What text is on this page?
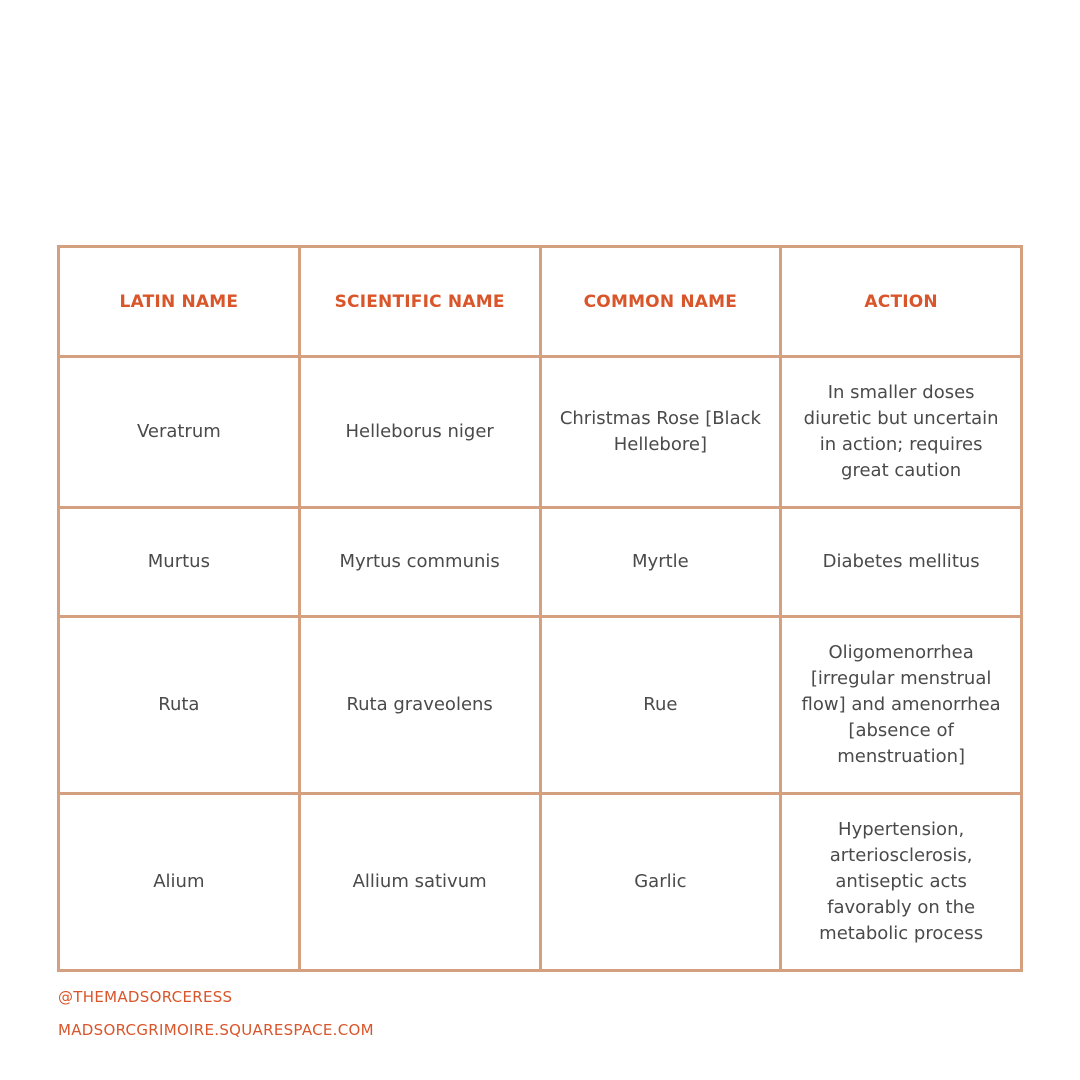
LATIN NAME	SCIENTIFIC NAME	COMMON NAME	ACTION
Veratrum	Helleborus niger	Christmas Rose [Black Hellebore]	In smaller doses diuretic but uncertain in action; requires great caution
Murtus	Myrtus communis	Myrtle	Diabetes mellitus
Ruta	Ruta graveolens	Rue	Oligomenorrhea [irregular menstrual flow] and amenorrhea [absence of menstruation]
Alium	Allium sativum	Garlic	Hypertension, arteriosclerosis, antiseptic acts favorably on the metabolic process
@THEMADSORCERESS
MADSORCGRIMOIRE.SQUARESPACE.COM
